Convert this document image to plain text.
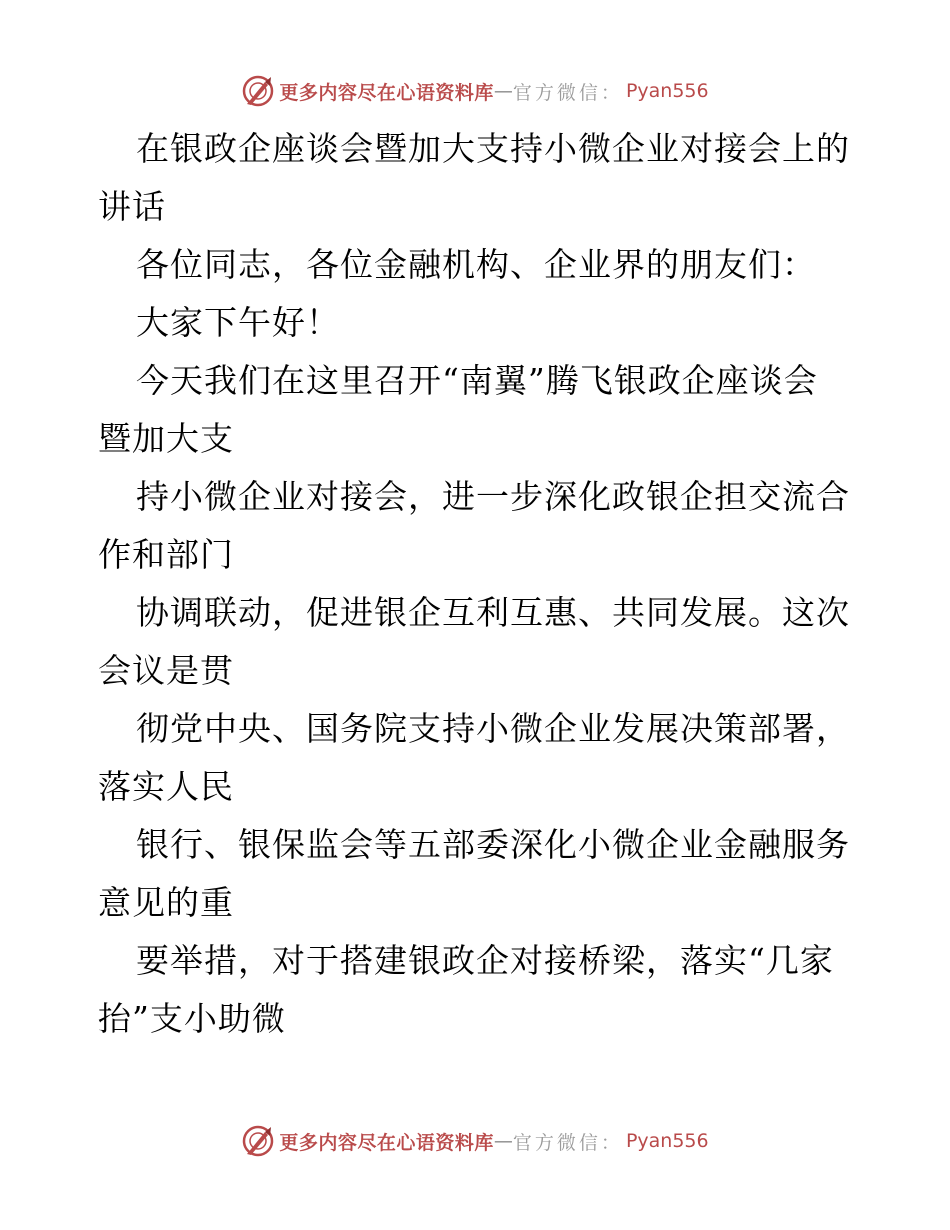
更多内容尽在心语资料库 — 官方微信 ： Pyan556

在银政企座谈会暨加大支持小微企业对接会上的
讲话

各位同志，各位金融机构、企业界的朋友们：

大家下午好！

今天我们在这里召开“南翼”腾飞银政企座谈会
暨加大支

持小微企业对接会，进一步深化政银企担交流合
作和部门

协调联动，促进银企互利互惠、共同发展。这次
会议是贯

彻党中央、国务院支持小微企业发展决策部署，
落实人民

银行、银保监会等五部委深化小微企业金融服务
意见的重

要举措，对于搭建银政企对接桥梁，落实“几家
抬”支小助微

更多内容尽在心语资料库 — 官方微信 ： Pyan556
